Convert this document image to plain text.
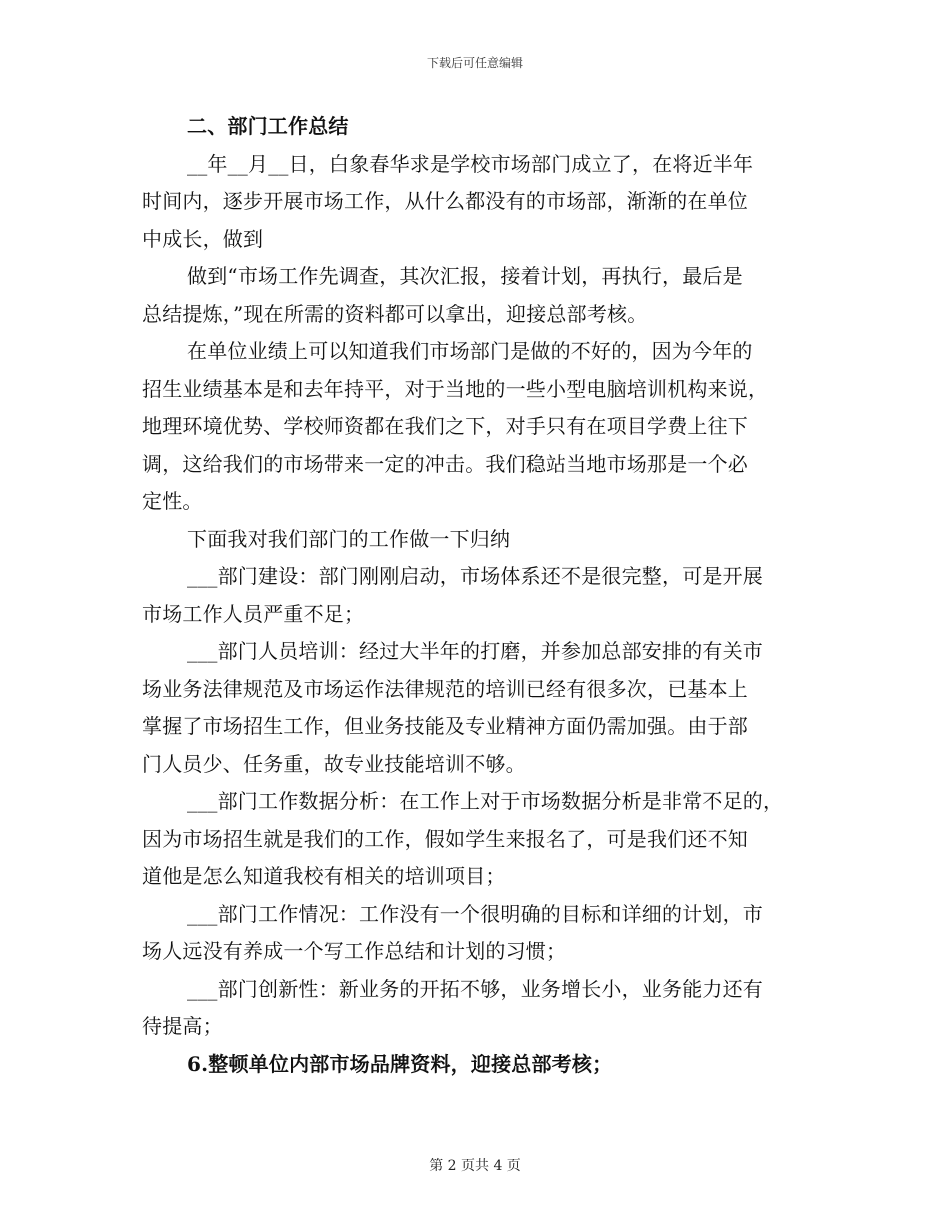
下载后可任意编辑

二、部门工作总结

__年__月__日，白象春华求是学校市场部门成立了，在将近半年

时间内，逐步开展市场工作，从什么都没有的市场部，渐渐的在单位

中成长，做到

做到“市场工作先调查，其次汇报，接着计划，再执行，最后是

总结提炼，”现在所需的资料都可以拿出，迎接总部考核。

在单位业绩上可以知道我们市场部门是做的不好的，因为今年的

招生业绩基本是和去年持平，对于当地的一些小型电脑培训机构来说，

地理环境优势、学校师资都在我们之下，对手只有在项目学费上往下

调，这给我们的市场带来一定的冲击。我们稳站当地市场那是一个必

定性。

下面我对我们部门的工作做一下归纳

___部门建设：部门刚刚启动，市场体系还不是很完整，可是开展

市场工作人员严重不足；

___部门人员培训：经过大半年的打磨，并参加总部安排的有关市

场业务法律规范及市场运作法律规范的培训已经有很多次，已基本上

掌握了市场招生工作，但业务技能及专业精神方面仍需加强。由于部

门人员少、任务重，故专业技能培训不够。

___部门工作数据分析：在工作上对于市场数据分析是非常不足的，

因为市场招生就是我们的工作，假如学生来报名了，可是我们还不知

道他是怎么知道我校有相关的培训项目；

___部门工作情况：工作没有一个很明确的目标和详细的计划，市

场人远没有养成一个写工作总结和计划的习惯；

___部门创新性：新业务的开拓不够，业务增长小，业务能力还有

待提高；

6.整顿单位内部市场品牌资料，迎接总部考核；

第 2 页共 4 页
